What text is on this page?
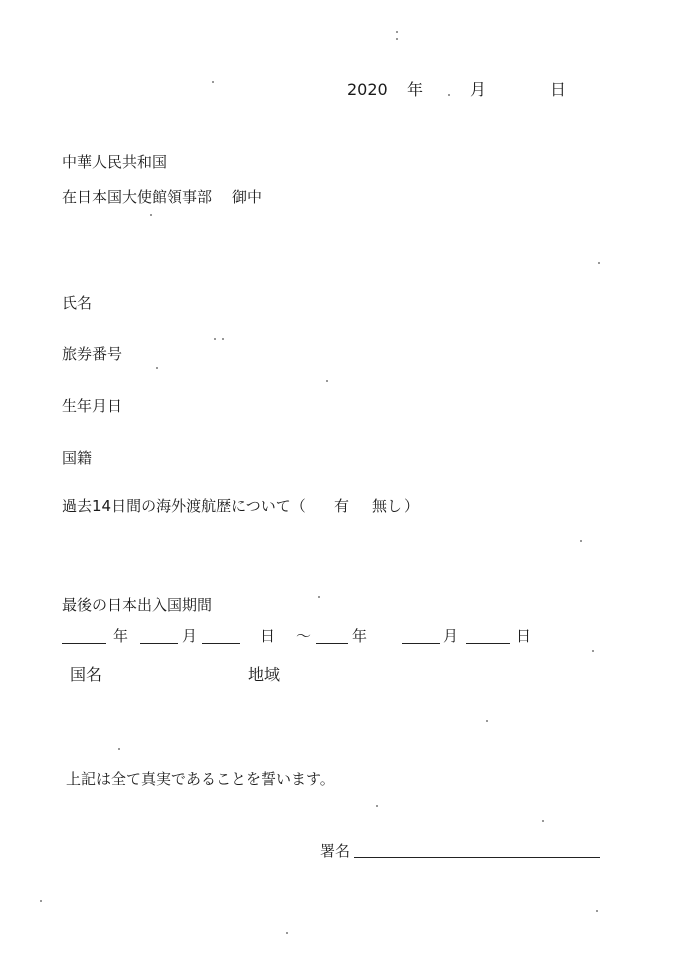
2020 年	月	日
中華人民共和国
在日本国大使館領事部 御中
氏名
旅券番号
生年月日
国籍
過去14日間の海外渡航歴について（ 有 無し ）
最後の日本出入国期間
年	月	日 ～	年	月	日
国名	地域
上記は全て真実であることを誓います。
署名
